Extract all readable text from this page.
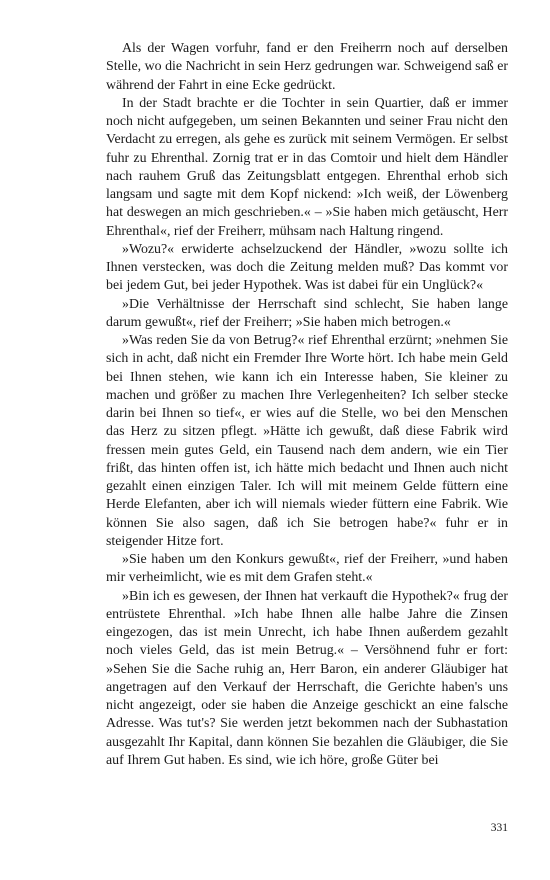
Als der Wagen vorfuhr, fand er den Freiherrn noch auf derselben Stelle, wo die Nachricht in sein Herz gedrungen war. Schweigend saß er während der Fahrt in eine Ecke gedrückt.

In der Stadt brachte er die Tochter in sein Quartier, daß er immer noch nicht aufgegeben, um seinen Bekannten und seiner Frau nicht den Verdacht zu erregen, als gehe es zurück mit seinem Vermögen. Er selbst fuhr zu Ehrenthal. Zornig trat er in das Comtoir und hielt dem Händler nach rauhem Gruß das Zeitungsblatt entgegen. Ehrenthal erhob sich langsam und sagte mit dem Kopf nickend: »Ich weiß, der Löwenberg hat deswegen an mich geschrieben.« – »Sie haben mich getäuscht, Herr Ehrenthal«, rief der Freiherr, mühsam nach Haltung ringend.

»Wozu?« erwiderte achselzuckend der Händler, »wozu sollte ich Ihnen verstecken, was doch die Zeitung melden muß? Das kommt vor bei jedem Gut, bei jeder Hypothek. Was ist dabei für ein Unglück?«

»Die Verhältnisse der Herrschaft sind schlecht, Sie haben lange darum gewußt«, rief der Freiherr; »Sie haben mich betrogen.«

»Was reden Sie da von Betrug?« rief Ehrenthal erzürnt; »nehmen Sie sich in acht, daß nicht ein Fremder Ihre Worte hört. Ich habe mein Geld bei Ihnen stehen, wie kann ich ein Interesse haben, Sie kleiner zu machen und größer zu machen Ihre Verlegenheiten? Ich selber stecke darin bei Ihnen so tief«, er wies auf die Stelle, wo bei den Menschen das Herz zu sitzen pflegt. »Hätte ich gewußt, daß diese Fabrik wird fressen mein gutes Geld, ein Tausend nach dem andern, wie ein Tier frißt, das hinten offen ist, ich hätte mich bedacht und Ihnen auch nicht gezahlt einen einzigen Taler. Ich will mit meinem Gelde füttern eine Herde Elefanten, aber ich will niemals wieder füttern eine Fabrik. Wie können Sie also sagen, daß ich Sie betrogen habe?« fuhr er in steigender Hitze fort.

»Sie haben um den Konkurs gewußt«, rief der Freiherr, »und haben mir verheimlicht, wie es mit dem Grafen steht.«

»Bin ich es gewesen, der Ihnen hat verkauft die Hypothek?« frug der entrüstete Ehrenthal. »Ich habe Ihnen alle halbe Jahre die Zinsen eingezogen, das ist mein Unrecht, ich habe Ihnen außerdem gezahlt noch vieles Geld, das ist mein Betrug.« – Versöhnend fuhr er fort: »Sehen Sie die Sache ruhig an, Herr Baron, ein anderer Gläubiger hat angetragen auf den Verkauf der Herrschaft, die Gerichte haben's uns nicht angezeigt, oder sie haben die Anzeige geschickt an eine falsche Adresse. Was tut's? Sie werden jetzt bekommen nach der Subhastation ausgezahlt Ihr Kapital, dann können Sie bezahlen die Gläubiger, die Sie auf Ihrem Gut haben. Es sind, wie ich höre, große Güter bei

331
